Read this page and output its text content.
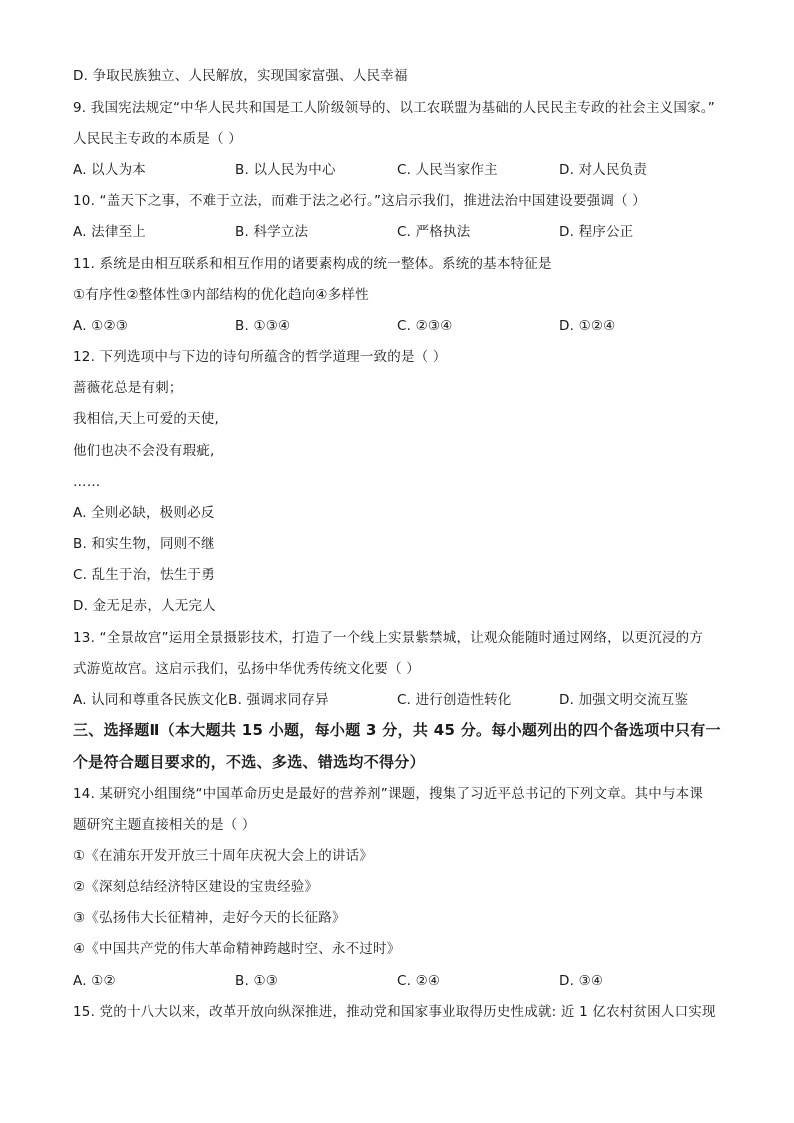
D. 争取民族独立、人民解放，实现国家富强、人民幸福
9. 我国宪法规定“中华人民共和国是工人阶级领导的、以工农联盟为基础的人民民主专政的社会主义国家。”
人民民主专政的本质是（ ）
A. 以人为本	B. 以人民为中心	C. 人民当家作主	D. 对人民负责
10. “盖天下之事，不难于立法，而难于法之必行。”这启示我们，推进法治中国建设要强调（ ）
A. 法律至上	B. 科学立法	C. 严格执法	D. 程序公正
11. 系统是由相互联系和相互作用的诸要素构成的统一整体。系统的基本特征是
①有序性②整体性③内部结构的优化趋向④多样性
A. ①②③	B. ①③④	C. ②③④	D. ①②④
12. 下列选项中与下边的诗句所蕴含的哲学道理一致的是（ ）
蔷薇花总是有刺；
我相信,天上可爱的天使,
他们也决不会没有瑕疵,
……
A. 全则必缺，极则必反
B. 和实生物，同则不继
C. 乱生于治，怯生于勇
D. 金无足赤，人无完人
13. “全景故宫”运用全景摄影技术，打造了一个线上实景紫禁城，让观众能随时通过网络，以更沉浸的方
式游览故宫。这启示我们，弘扬中华优秀传统文化要（ ）
A. 认同和尊重各民族文化B. 强调求同存异	C. 进行创造性转化	D. 加强文明交流互鉴
三、选择题Ⅱ（本大题共 15 小题，每小题 3 分，共 45 分。每小题列出的四个备选项中只有一
个是符合题目要求的，不选、多选、错选均不得分）
14. 某研究小组围绕“中国革命历史是最好的营养剂”课题，搜集了习近平总书记的下列文章。其中与本课
题研究主题直接相关的是（ ）
①《在浦东开发开放三十周年庆祝大会上的讲话》
②《深刻总结经济特区建设的宝贵经验》
③《弘扬伟大长征精神，走好今天的长征路》
④《中国共产党的伟大革命精神跨越时空、永不过时》
A. ①②	B. ①③	C. ②④	D. ③④
15. 党的十八大以来，改革开放向纵深推进，推动党和国家事业取得历史性成就: 近 1 亿农村贫困人口实现
